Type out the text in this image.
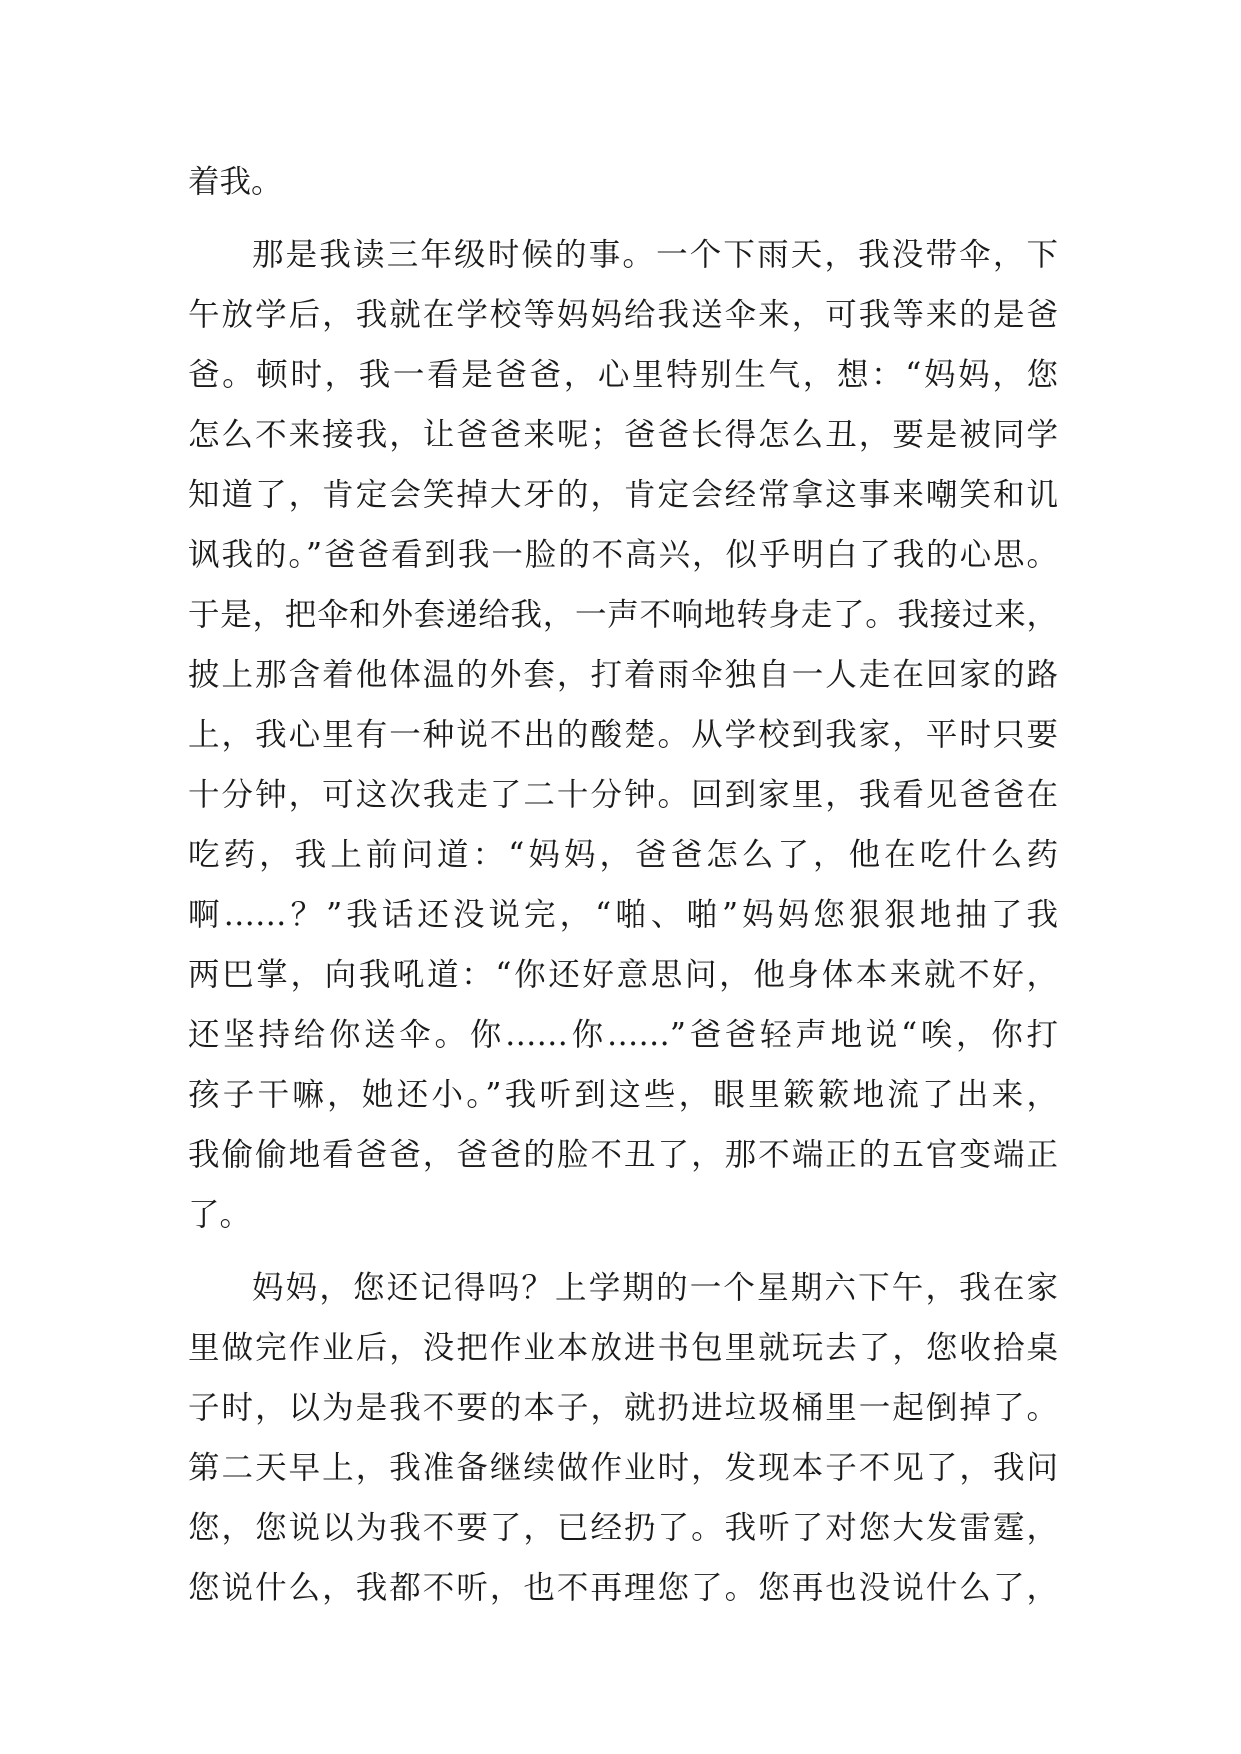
着我。
那是我读三年级时候的事。一个下雨天，我没带伞，下
午放学后，我就在学校等妈妈给我送伞来，可我等来的是爸
爸。顿时，我一看是爸爸，心里特别生气，想：“妈妈，您
怎么不来接我，让爸爸来呢；爸爸长得怎么丑，要是被同学
知道了，肯定会笑掉大牙的，肯定会经常拿这事来嘲笑和讥
讽我的。”爸爸看到我一脸的不高兴，似乎明白了我的心思。
于是，把伞和外套递给我，一声不响地转身走了。我接过来，
披上那含着他体温的外套，打着雨伞独自一人走在回家的路
上，我心里有一种说不出的酸楚。从学校到我家，平时只要
十分钟，可这次我走了二十分钟。回到家里，我看见爸爸在
吃药，我上前问道：“妈妈，爸爸怎么了，他在吃什么药
啊……？”我话还没说完，“啪、啪”妈妈您狠狠地抽了我
两巴掌，向我吼道：“你还好意思问，他身体本来就不好，
还坚持给你送伞。你……你……”爸爸轻声地说“唉，你打
孩子干嘛，她还小。”我听到这些，眼里簌簌地流了出来，
我偷偷地看爸爸，爸爸的脸不丑了，那不端正的五官变端正
了。
妈妈，您还记得吗？上学期的一个星期六下午，我在家
里做完作业后，没把作业本放进书包里就玩去了，您收拾桌
子时，以为是我不要的本子，就扔进垃圾桶里一起倒掉了。
第二天早上，我准备继续做作业时，发现本子不见了，我问
您，您说以为我不要了，已经扔了。我听了对您大发雷霆，
您说什么，我都不听，也不再理您了。您再也没说什么了，
